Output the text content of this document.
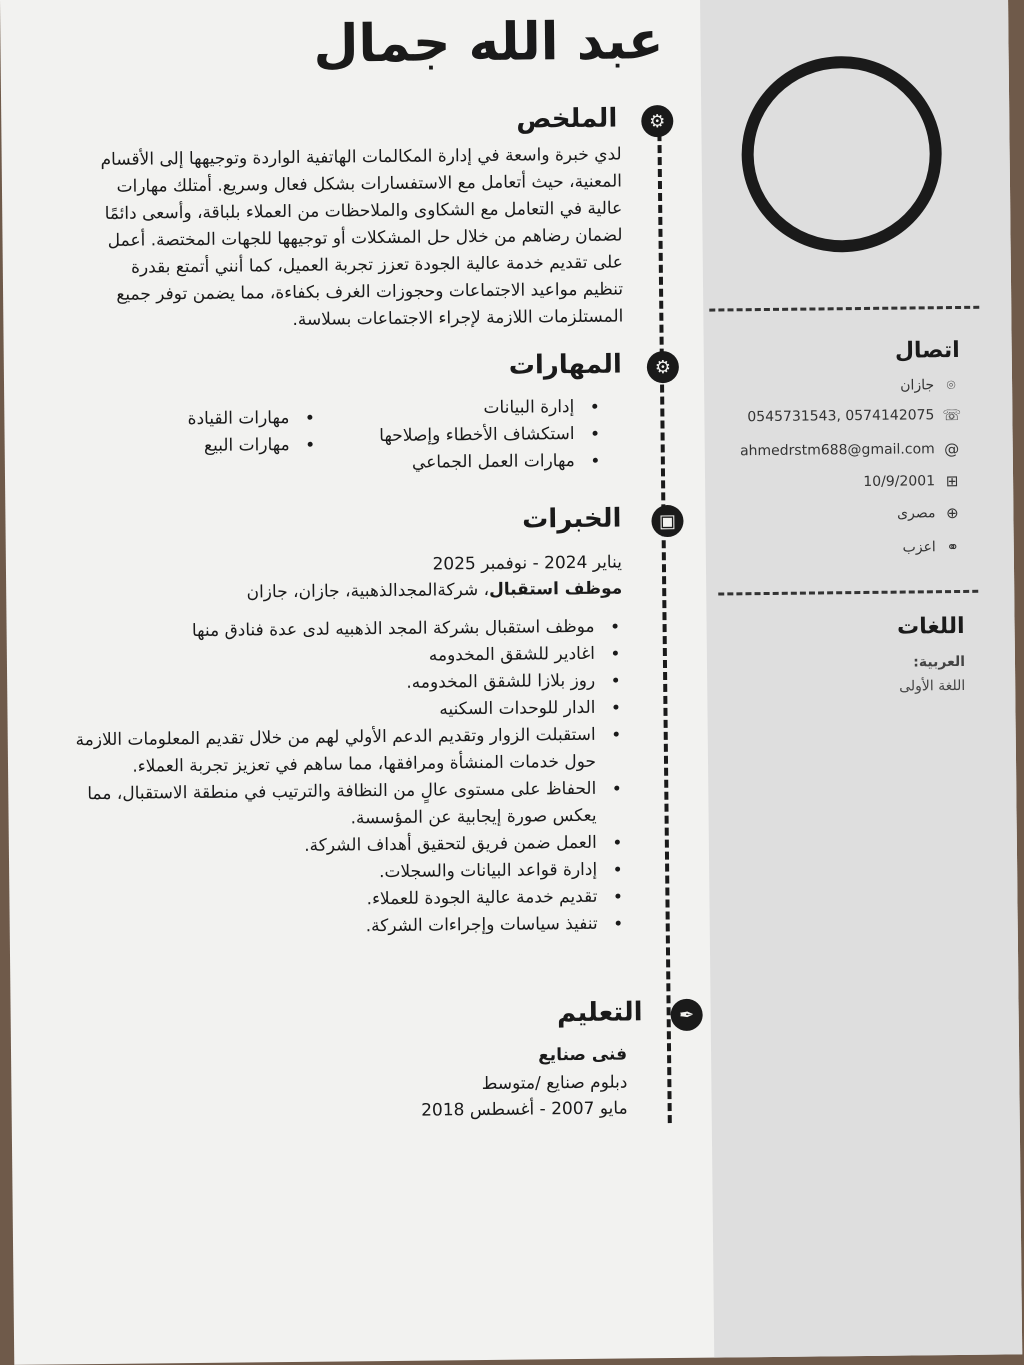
عبد الله جمال
⚙
الملخص
لدي خبرة واسعة في إدارة المكالمات الهاتفية الواردة وتوجيهها إلى الأقسام
المعنية، حيث أتعامل مع الاستفسارات بشكل فعال وسريع. أمتلك مهارات
عالية في التعامل مع الشكاوى والملاحظات من العملاء بلباقة، وأسعى دائمًا
لضمان رضاهم من خلال حل المشكلات أو توجيهها للجهات المختصة. أعمل
على تقديم خدمة عالية الجودة تعزز تجربة العميل، كما أنني أتمتع بقدرة
تنظيم مواعيد الاجتماعات وحجوزات الغرف بكفاءة، مما يضمن توفر جميع
المستلزمات اللازمة لإجراء الاجتماعات بسلاسة.
⚙
المهارات
• إدارة البيانات
• استكشاف الأخطاء وإصلاحها
• مهارات العمل الجماعي
• مهارات القيادة
• مهارات البيع
▣
الخبرات

يناير 2024 - نوفمبر 2025

موظف استقبال، شركةالمجدالذهبية، جازان، جازان

• موظف استقبال بشركة المجد الذهبيه لدى عدة فنادق منها
• اغادير للشقق المخدومه
• روز بلازا للشقق المخدومه.
• الدار للوحدات السكنيه
• استقبلت الزوار وتقديم الدعم الأولي لهم من خلال تقديم المعلومات اللازمة حول خدمات المنشأة ومرافقها، مما ساهم في تعزيز تجربة العملاء.
• الحفاظ على مستوى عالٍ من النظافة والترتيب في منطقة الاستقبال، مما يعكس صورة إيجابية عن المؤسسة.
• العمل ضمن فريق لتحقيق أهداف الشركة.
• إدارة قواعد البيانات والسجلات.
• تقديم خدمة عالية الجودة للعملاء.
• تنفيذ سياسات وإجراءات الشركة.
✒
التعليم

فنى صنايع

دبلوم صنايع /متوسط

مايو 2007 - أغسطس 2018

اتصال
⌾
جازان
☏
0545731543, 0574142075
@
ahmedrstm688@gmail.com
⊞
10/9/2001
⊕
مصرى
⚭
اعزب
اللغات

العربية:

اللغة الأولى
